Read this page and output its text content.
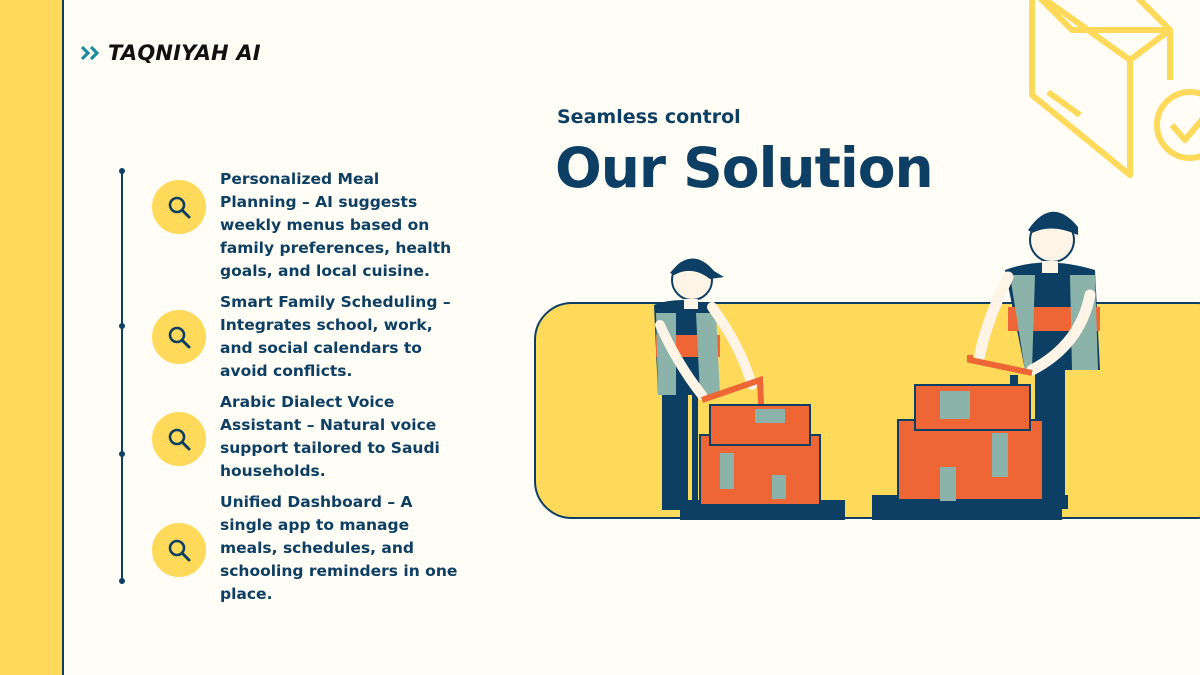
TAQNIYAH AI
Personalized Meal Planning – AI suggests weekly menus based on family preferences, health goals, and local cuisine.
Smart Family Scheduling – Integrates school, work, and social calendars to avoid conflicts.
Arabic Dialect Voice Assistant – Natural voice support tailored to Saudi households.
Unified Dashboard – A single app to manage meals, schedules, and schooling reminders in one place.
Seamless control
Our Solution
